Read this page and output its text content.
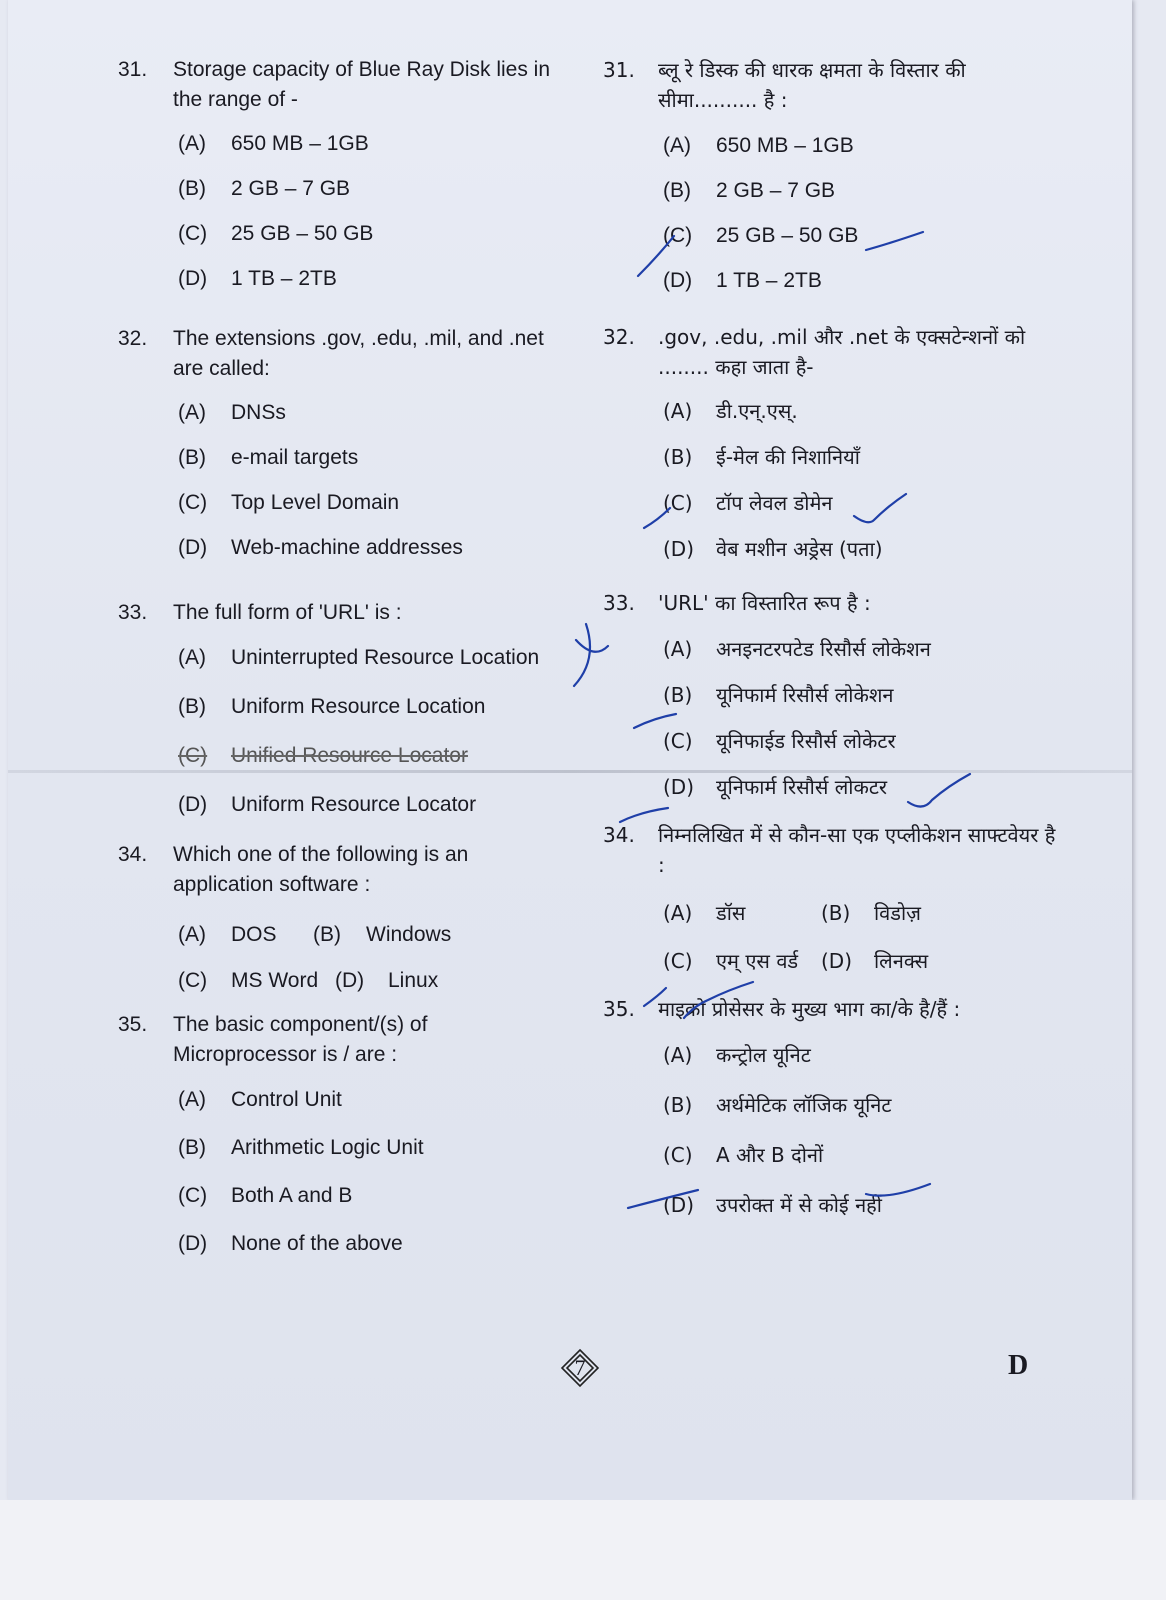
31.	Storage capacity of Blue Ray Disk lies in the range of -
(A)	650 MB – 1GB
(B)	2 GB – 7 GB
(C)	25 GB – 50 GB
(D)	1 TB – 2TB
32.	The extensions .gov, .edu, .mil, and .net are called:
(A)	DNSs
(B)	e-mail targets
(C)	Top Level Domain
(D)	Web-machine addresses
33.	The full form of 'URL' is :
(A)	Uninterrupted Resource Location
(B)	Uniform Resource Location
(C)	Unified Resource Locator
(D)	Uniform Resource Locator
34.	Which one of the following is an application software :
(A)	DOS	(B)	Windows
(C)	MS Word (D)	Linux
35.	The basic component/(s) of Microprocessor is / are :
(A)	Control Unit
(B)	Arithmetic Logic Unit
(C)	Both A and B
(D)	None of the above
31.	ब्लू रे डिस्क की धारक क्षमता के विस्तार की सीमा.......... है :
(A)	650 MB – 1GB
(B)	2 GB – 7 GB
(C)	25 GB – 50 GB
(D)	1 TB – 2TB
32.	.gov, .edu, .mil और .net के एक्सटेन्शनों को ........ कहा जाता है-
(A)	डी.एन्.एस्.
(B)	ई-मेल की निशानियाँ
(C)	टॉप लेवल डोमेन
(D)	वेब मशीन अड्रेस (पता)
33.	'URL' का विस्तारित रूप है :
(A)	अनइनटरपटेड रिसौर्स लोकेशन
(B)	यूनिफार्म रिसौर्स लोकेशन
(C)	यूनिफाईड रिसौर्स लोकेटर
(D)	यूनिफार्म रिसौर्स लोकटर
34.	निम्नलिखित में से कौन-सा एक एप्लीकेशन साफ्टवेयर है :
(A)	डॉस	(B)	विडोज़
(C)	एम् एस वर्ड	(D)	लिनक्स
35.	माइक्रो प्रोसेसर के मुख्य भाग का/के है/हैं :
(A)	कन्ट्रोल यूनिट
(B)	अर्थमेटिक लॉजिक यूनिट
(C)	A और B दोनों
(D)	उपरोक्त में से कोई नहीं
7	D
